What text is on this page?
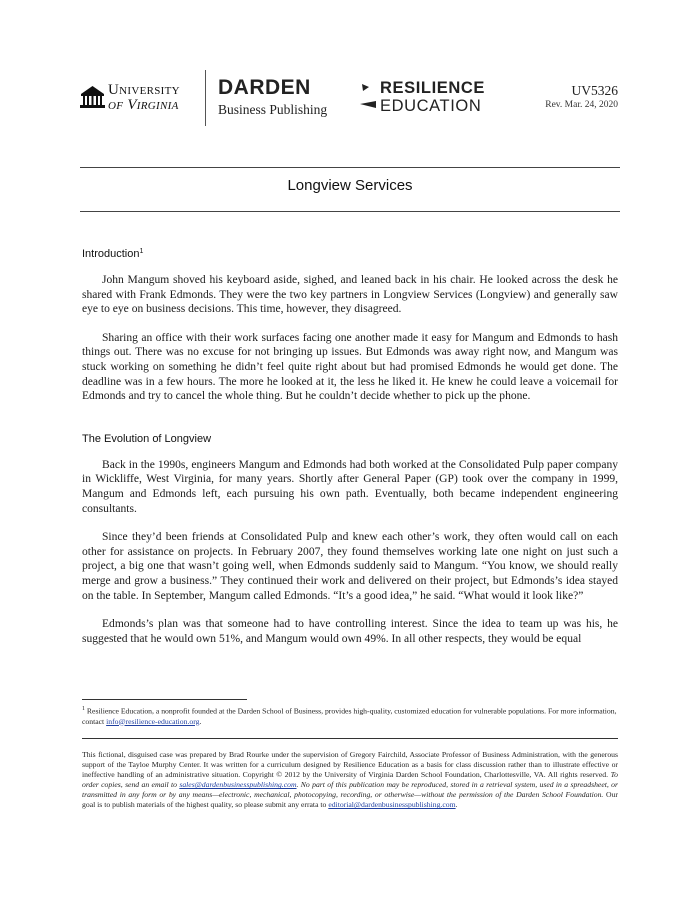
University
of Virginia
DARDEN
Business Publishing
RESILIENCE
EDUCATION
UV5326
Rev. Mar. 24, 2020
Longview Services

Introduction$^1$

John Mangum shoved his keyboard aside, sighed, and leaned back in his chair. He looked across the desk he shared with Frank Edmonds. They were the two key partners in Longview Services (Longview) and generally saw eye to eye on business decisions. This time, however, they disagreed.

Sharing an office with their work surfaces facing one another made it easy for Mangum and Edmonds to hash things out. There was no excuse for not bringing up issues. But Edmonds was away right now, and Mangum was stuck working on something he didn’t feel quite right about but had promised Edmonds he would get done. The deadline was in a few hours. The more he looked at it, the less he liked it. He knew he could leave a voicemail for Edmonds and try to cancel the whole thing. But he couldn’t decide whether to pick up the phone.

The Evolution of Longview

Back in the 1990s, engineers Mangum and Edmonds had both worked at the Consolidated Pulp paper company in Wickliffe, West Virginia, for many years. Shortly after General Paper (GP) took over the company in 1999, Mangum and Edmonds left, each pursuing his own path. Eventually, both became independent engineering consultants.

Since they’d been friends at Consolidated Pulp and knew each other’s work, they often would call on each other for assistance on projects. In February 2007, they found themselves working late one night on just such a project, a big one that wasn’t going well, when Edmonds suddenly said to Mangum. “You know, we should really merge and grow a business.” They continued their work and delivered on their project, but Edmonds’s idea stayed on the table. In September, Mangum called Edmonds. “It’s a good idea,” he said. “What would it look like?”

Edmonds’s plan was that someone had to have controlling interest. Since the idea to team up was his, he suggested that he would own 51%, and Mangum would own 49%. In all other respects, they would be equal

$^1$ Resilience Education, a nonprofit founded at the Darden School of Business, provides high-quality, customized education for vulnerable populations. For more information, contact info@resilience-education.org.
This fictional, disguised case was prepared by Brad Rourke under the supervision of Gregory Fairchild, Associate Professor of Business Administration, with the generous support of the Tayloe Murphy Center. It was written for a curriculum designed by Resilience Education as a basis for class discussion rather than to illustrate effective or ineffective handling of an administrative situation. Copyright © 2012 by the University of Virginia Darden School Foundation, Charlottesville, VA. All rights reserved. To order copies, send an email to sales@dardenbusinesspublishing.com. No part of this publication may be reproduced, stored in a retrieval system, used in a spreadsheet, or transmitted in any form or by any means—electronic, mechanical, photocopying, recording, or otherwise—without the permission of the Darden School Foundation. Our goal is to publish materials of the highest quality, so please submit any errata to editorial@dardenbusinesspublishing.com.
